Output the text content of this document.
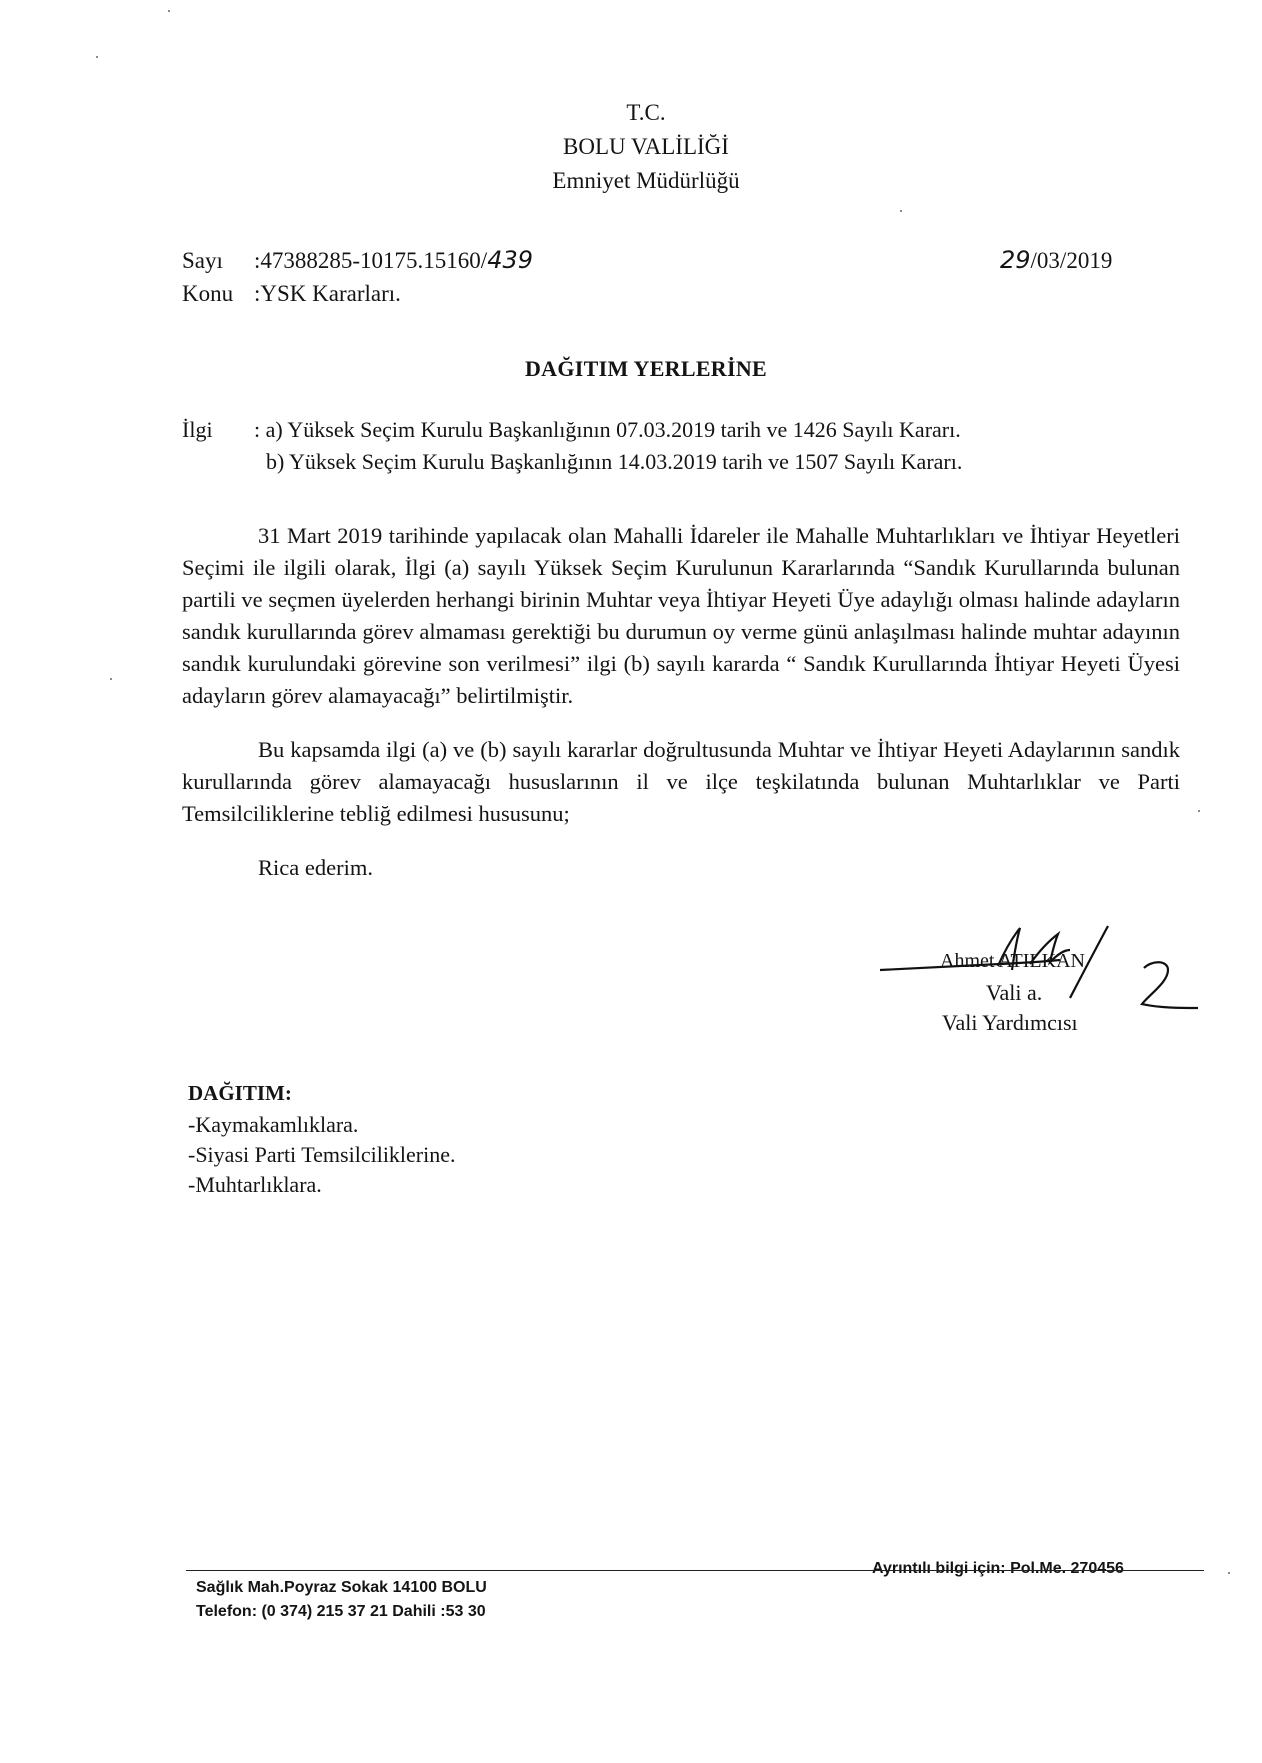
T.C.
BOLU VALİLİĞİ
Emniyet Müdürlüğü
Sayı	:47388285-10175.15160/ 439
Konu :YSK Kararları.
29/03/2019
DAĞITIM YERLERİNE
İlgi	: a) Yüksek Seçim Kurulu Başkanlığının 07.03.2019 tarih ve 1426 Sayılı Kararı.
b) Yüksek Seçim Kurulu Başkanlığının 14.03.2019 tarih ve 1507 Sayılı Kararı.

31 Mart 2019 tarihinde yapılacak olan Mahalli İdareler ile Mahalle Muhtarlıkları ve İhtiyar Heyetleri Seçimi ile ilgili olarak, İlgi (a) sayılı Yüksek Seçim Kurulunun Kararlarında “Sandık Kurullarında bulunan partili ve seçmen üyelerden herhangi birinin Muhtar veya İhtiyar Heyeti Üye adaylığı olması halinde adayların sandık kurullarında görev almaması gerektiği bu durumun oy verme günü anlaşılması halinde muhtar adayının sandık kurulundaki görevine son verilmesi” ilgi (b) sayılı kararda “ Sandık Kurullarında İhtiyar Heyeti Üyesi adayların görev alamayacağı” belirtilmiştir.

Bu kapsamda ilgi (a) ve (b) sayılı kararlar doğrultusunda Muhtar ve İhtiyar Heyeti Adaylarının sandık kurullarında görev alamayacağı hususlarının il ve ilçe teşkilatında bulunan Muhtarlıklar ve Parti Temsilciliklerine tebliğ edilmesi hususunu;

Rica ederim.

Ahmet ATILKAN
Vali a.
Vali Yardımcısı
DAĞITIM:
-Kaymakamlıklara.
-Siyasi Parti Temsilciliklerine.
-Muhtarlıklara.
Ayrıntılı bilgi için: Pol.Me. 270456
Sağlık Mah.Poyraz Sokak 14100 BOLU
Telefon: (0 374) 215 37 21 Dahili :53 30
